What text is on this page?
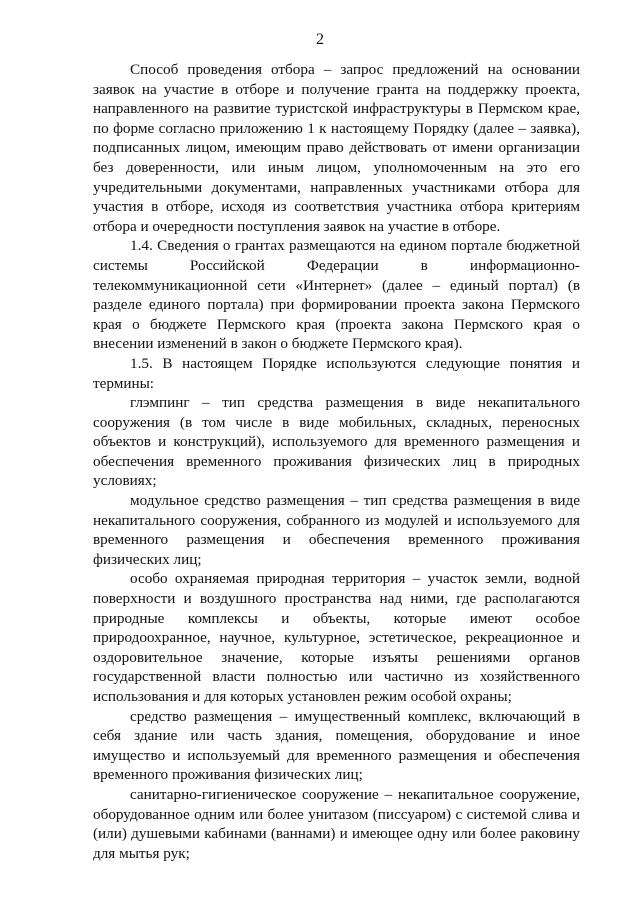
2

Способ проведения отбора – запрос предложений на основании заявок на участие в отборе и получение гранта на поддержку проекта, направленного на развитие туристской инфраструктуры в Пермском крае, по форме согласно приложению 1 к настоящему Порядку (далее – заявка), подписанных лицом, имеющим право действовать от имени организации без доверенности, или иным лицом, уполномоченным на это его учредительными документами, направленных участниками отбора для участия в отборе, исходя из соответствия участника отбора критериям отбора и очередности поступления заявок на участие в отборе.

1.4. Сведения о грантах размещаются на едином портале бюджетной системы Российской Федерации в информационно-телекоммуникационной сети «Интернет» (далее – единый портал) (в разделе единого портала) при формировании проекта закона Пермского края о бюджете Пермского края (проекта закона Пермского края о внесении изменений в закон о бюджете Пермского края).

1.5. В настоящем Порядке используются следующие понятия и термины:

глэмпинг – тип средства размещения в виде некапитального сооружения (в том числе в виде мобильных, складных, переносных объектов и конструкций), используемого для временного размещения и обеспечения временного проживания физических лиц в природных условиях;

модульное средство размещения – тип средства размещения в виде некапитального сооружения, собранного из модулей и используемого для временного размещения и обеспечения временного проживания физических лиц;

особо охраняемая природная территория – участок земли, водной поверхности и воздушного пространства над ними, где располагаются природные комплексы и объекты, которые имеют особое природоохранное, научное, культурное, эстетическое, рекреационное и оздоровительное значение, которые изъяты решениями органов государственной власти полностью или частично из хозяйственного использования и для которых установлен режим особой охраны;

средство размещения – имущественный комплекс, включающий в себя здание или часть здания, помещения, оборудование и иное имущество и используемый для временного размещения и обеспечения временного проживания физических лиц;

санитарно-гигиеническое сооружение – некапитальное сооружение, оборудованное одним или более унитазом (писсуаром) с системой слива и (или) душевыми кабинами (ваннами) и имеющее одну или более раковину для мытья рук;
